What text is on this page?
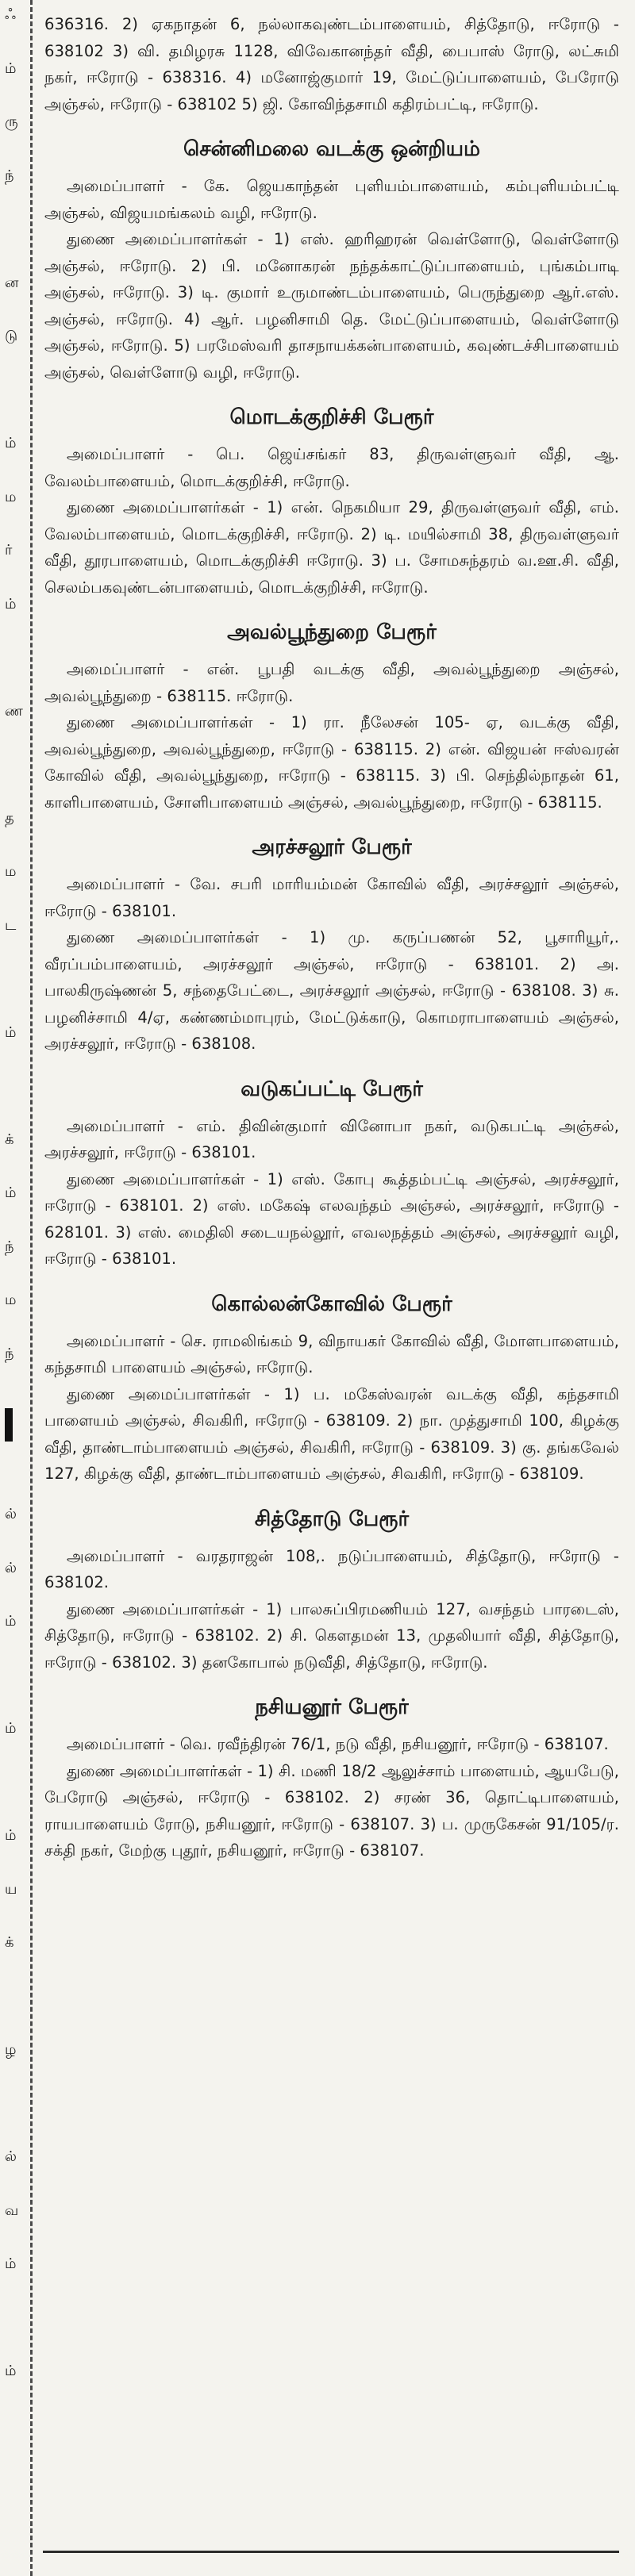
ஃ
ம்
ரு
ந்
ன
டு
ம்
ம
ர்
ம்
ண
த
ம
ட
ம்
க்
ம்
ந்
ம
ந்
ல்
ல்
ம்
ம்
ம்
ய
க்
ழ
ல்
வ
ம்
ம்

636316. 2) ஏகநாதன் 6, நல்லாகவுண்டம்பாளையம், சித்தோடு, ஈரோடு - 638102 3) வி. தமிழரசு 1128, விவேகானந்தர் வீதி, பைபாஸ் ரோடு, லட்சுமி நகர், ஈரோடு - 638316. 4) மனோஜ்குமார் 19, மேட்டுப்பாளையம், பேரோடு அஞ்சல், ஈரோடு - 638102 5) ஜி. கோவிந்தசாமி கதிரம்பட்டி, ஈரோடு.

சென்னிமலை வடக்கு ஒன்றியம்

அமைப்பாளர் - கே. ஜெயகாந்தன் புளியம்பாளையம், கம்புளியம்பட்டி அஞ்சல், விஜயமங்கலம் வழி, ஈரோடு.

துணை அமைப்பாளர்கள் - 1) எஸ். ஹரிஹரன் வெள்ளோடு, வெள்ளோடு அஞ்சல், ஈரோடு. 2) பி. மனோகரன் நந்தக்காட்டுப்பாளையம், புங்கம்பாடி அஞ்சல், ஈரோடு. 3) டி. குமார் உருமாண்டம்பாளையம், பெருந்துறை ஆர்.எஸ். அஞ்சல், ஈரோடு. 4) ஆர். பழனிசாமி தெ. மேட்டுப்பாளையம், வெள்ளோடு அஞ்சல், ஈரோடு. 5) பரமேஸ்வரி தாசநாயக்கன்பாளையம், கவுண்டச்சிபாளையம் அஞ்சல், வெள்ளோடு வழி, ஈரோடு.

மொடக்குறிச்சி பேரூர்

அமைப்பாளர் - பெ. ஜெய்சங்கர் 83, திருவள்ளுவர் வீதி, ஆ. வேலம்பாளையம், மொடக்குறிச்சி, ஈரோடு.

துணை அமைப்பாளர்கள் - 1) என். நெகமியா 29, திருவள்ளுவர் வீதி, எம். வேலம்பாளையம், மொடக்குறிச்சி, ஈரோடு. 2) டி. மயில்சாமி 38, திருவள்ளுவர் வீதி, தூரபாளையம், மொடக்குறிச்சி ஈரோடு. 3) ப. சோமசுந்தரம் வ.ஊ.சி. வீதி, செலம்பகவுண்டன்பாளையம், மொடக்குறிச்சி, ஈரோடு.

அவல்பூந்துறை பேரூர்

அமைப்பாளர் - என். பூபதி வடக்கு வீதி, அவல்பூந்துறை அஞ்சல், அவல்பூந்துறை - 638115. ஈரோடு.

துணை அமைப்பாளர்கள் - 1) ரா. நீலேசன் 105- ஏ, வடக்கு வீதி, அவல்பூந்துறை, அவல்பூந்துறை, ஈரோடு - 638115. 2) என். விஜயன் ஈஸ்வரன் கோவில் வீதி, அவல்பூந்துறை, ஈரோடு - 638115. 3) பி. செந்தில்நாதன் 61, காளிபாளையம், சோளிபாளையம் அஞ்சல், அவல்பூந்துறை, ஈரோடு - 638115.

அரச்சலூர் பேரூர்

அமைப்பாளர் - வே. சபரி மாரியம்மன் கோவில் வீதி, அரச்சலூர் அஞ்சல், ஈரோடு - 638101.

துணை அமைப்பாளர்கள் - 1) மு. கருப்பணன் 52, பூசாரியூர்,. வீரப்பம்பாளையம், அரச்சலூர் அஞ்சல், ஈரோடு - 638101. 2) அ. பாலகிருஷ்ணன் 5, சந்தைபேட்டை, அரச்சலூர் அஞ்சல், ஈரோடு - 638108. 3) சு. பழனிச்சாமி 4/ஏ, கண்ணம்மாபுரம், மேட்டுக்காடு, கொமராபாளையம் அஞ்சல், அரச்சலூர், ஈரோடு - 638108.

வடுகப்பட்டி பேரூர்

அமைப்பாளர் - எம். திவின்குமார் வினோபா நகர், வடுகபட்டி அஞ்சல், அரச்சலூர், ஈரோடு - 638101.

துணை அமைப்பாளர்கள் - 1) எஸ். கோபு கூத்தம்பட்டி அஞ்சல், அரச்சலூர், ஈரோடு - 638101. 2) எஸ். மகேஷ் எலவந்தம் அஞ்சல், அரச்சலூர், ஈரோடு - 628101. 3) எஸ். மைதிலி சடையநல்லூர், எவலநத்தம் அஞ்சல், அரச்சலூர் வழி, ஈரோடு - 638101.

கொல்லன்கோவில் பேரூர்

அமைப்பாளர் - செ. ராமலிங்கம் 9, விநாயகர் கோவில் வீதி, மோளபாளையம், கந்தசாமி பாளையம் அஞ்சல், ஈரோடு.

துணை அமைப்பாளர்கள் - 1) ப. மகேஸ்வரன் வடக்கு வீதி, கந்தசாமி பாளையம் அஞ்சல், சிவகிரி, ஈரோடு - 638109. 2) நா. முத்துசாமி 100, கிழக்கு வீதி, தாண்டாம்பாளையம் அஞ்சல், சிவகிரி, ஈரோடு - 638109. 3) கு. தங்கவேல் 127, கிழக்கு வீதி, தாண்டாம்பாளையம் அஞ்சல், சிவகிரி, ஈரோடு - 638109.

சித்தோடு பேரூர்

அமைப்பாளர் - வரதராஜன் 108,. நடுப்பாளையம், சித்தோடு, ஈரோடு - 638102.

துணை அமைப்பாளர்கள் - 1) பாலசுப்பிரமணியம் 127, வசந்தம் பாரடைஸ், சித்தோடு, ஈரோடு - 638102. 2) சி. கௌதமன் 13, முதலியார் வீதி, சித்தோடு, ஈரோடு - 638102. 3) தனகோபால் நடுவீதி, சித்தோடு, ஈரோடு.

நசியனூர் பேரூர்

அமைப்பாளர் - வெ. ரவீந்திரன் 76/1, நடு வீதி, நசியனூர், ஈரோடு - 638107.

துணை அமைப்பாளர்கள் - 1) சி. மணி 18/2 ஆலுச்சாம் பாளையம், ஆயபேடு, பேரோடு அஞ்சல், ஈரோடு - 638102. 2) சரண் 36, தொட்டிபாளையம், ராயபாளையம் ரோடு, நசியனூர், ஈரோடு - 638107. 3) ப. முருகேசன் 91/105/ர. சக்தி நகர், மேற்கு புதூர், நசியனூர், ஈரோடு - 638107.
